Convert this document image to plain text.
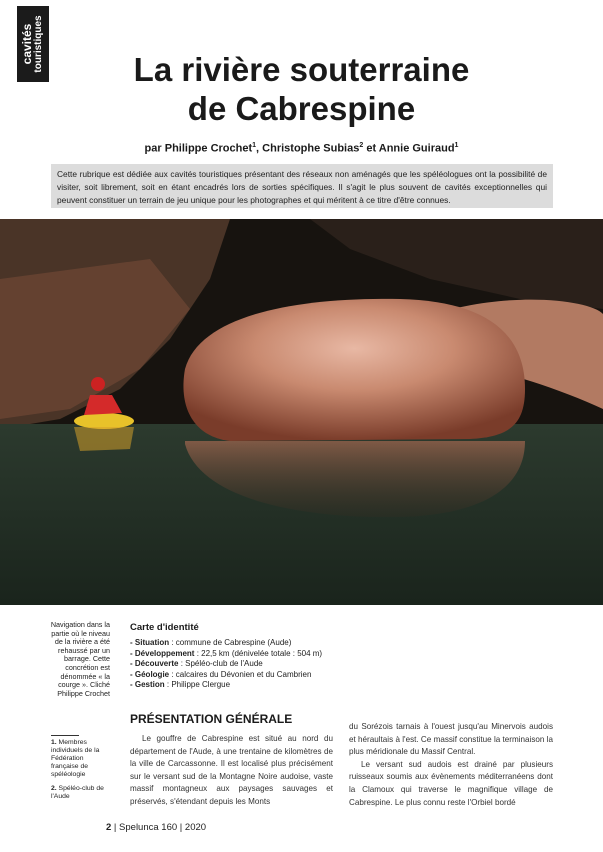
cavités touristiques	La rivière souterraine
de Cabrespine
par Philippe Crochet$^1$, Christophe Subias$^2$ et Annie Guiraud$^1$
Cette rubrique est dédiée aux cavités touristiques présentant des réseaux non aménagés que les spéléologues ont la possibilité de visiter, soit librement, soit en étant encadrés lors de sorties spécifiques. Il s'agit le plus souvent de cavités exceptionnelles qui peuvent constituer un terrain de jeu unique pour les photographes et qui méritent à ce titre d'être connues.
Navigation dans la partie où le niveau de la rivière a été rehaussé par un barrage. Cette concrétion est dénommée « la courge ». Cliché Philippe Crochet

1. Membres individuels de la Fédération française de spéléologie

2. Spéléo-club de l'Aude

Carte d'identité
- Situation : commune de Cabrespine (Aude)
- Développement : 22,5 km (dénivelée totale : 504 m)
- Découverte : Spéléo-club de l'Aude
- Géologie : calcaires du Dévonien et du Cambrien
- Gestion : Philippe Clergue
PRÉSENTATION GÉNÉRALE

Le gouffre de Cabrespine est situé au nord du département de l'Aude, à une trentaine de kilomètres de la ville de Carcassonne. Il est localisé plus précisément sur le versant sud de la Montagne Noire audoise, vaste massif montagneux aux paysages sauvages et préservés, s'étendant depuis les Monts

du Sorézois tarnais à l'ouest jusqu'au Minervois audois et héraultais à l'est. Ce massif constitue la terminaison la plus méridionale du Massif Central.

Le versant sud audois est drainé par plusieurs ruisseaux soumis aux évènements méditerranéens dont la Clamoux qui traverse le magnifique village de Cabrespine. Le plus connu reste l'Orbiel bordé

2 | Spelunca 160 | 2020
